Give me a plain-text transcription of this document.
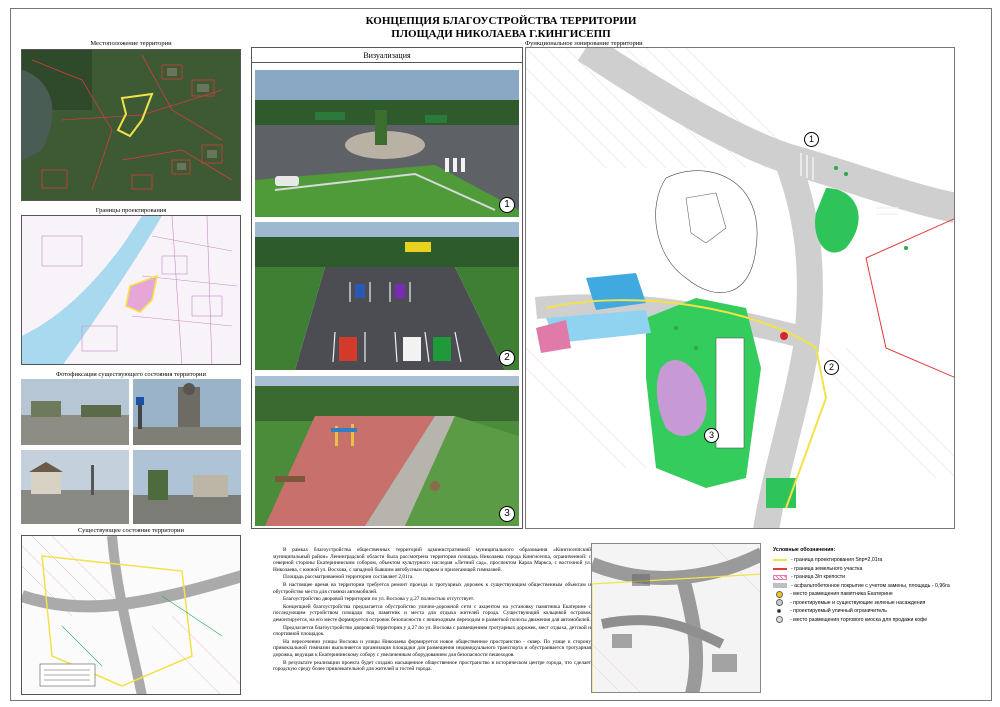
КОНЦЕПЦИЯ БЛАГОУСТРОЙСТВА ТЕРРИТОРИИ
ПЛОЩАДИ НИКОЛАЕВА Г.КИНГИСЕПП
Местоположение территории
Границы проектирования
Фотофиксация существующего состояния территории
Существующее состояние территории
Визуализация
1
2
3
Функциональное зонирование территории
1
2
3

В рамках благоустройства общественных территорий административной муниципального образования «Кингисеппский муниципальный район» Ленинградской области была рассмотрена территория площадь Николаева города Кингисеппа, ограниченной: с северной стороны Екатерининским собором, объектом культурного наследия «Летний сад», проспектом Карла Маркса, с восточной ул. Николаева, с южной ул. Восхова, с западной бывшим автобусным парком и прилегающей гимназией.

Площадь рассматриваемой территории составляет 2,01га.

В настоящее время на территории требуется ремонт проезда и тротуарных дорожек к существующим общественным объектам и обустройство места для стоянки автомобилей.

Благоустройство дворовой территории по ул. Восхова у д.27 полностью отсутствует.

Концепцией благоустройства предлагается обустройство улично-дорожной сети с акцентом на установку памятника Екатерине с последующим устройством площади под памятник и места для отдыха жителей города. Существующий кольцевой островок демонтируется, на его месте формируется островок безопасности с пешеходным переходом и разметкой полосы движения для автомобилей.

Предлагается благоустройство дворовой территории у д.27 по ул. Восхова с размещением тротуарных дорожек, мест отдыха, детской и спортивной площадок.

На пересечении улицы Восхова и улицы Николаева формируется новое общественное пространство - сквер. По улице к сторону привокзальной гимназии выполняется организация площадки для размещения индивидуального транспорта и обустраивается тротуарная дорожка, ведущая к Екатерининскому собору с увеличенным оборудованием для безопасности пешеходов.

В результате реализации проекта будет создано насыщенное общественное пространство в историческом центре города, что сделает городскую среду более привлекательной для жителей и гостей города.

Условные обозначения:
- граница проектирования Sпр=2,01га
- граница земельного участка
- граница 3/п крепости
- асфальтобетонное покрытие с учетом замены, площадь - 0,96га
- место размещения памятника Екатерине
- проектируемые и существующие зеленые насаждения
- проектируемый уличный ограничитель
- место размещения торгового киоска для продажи кофе
